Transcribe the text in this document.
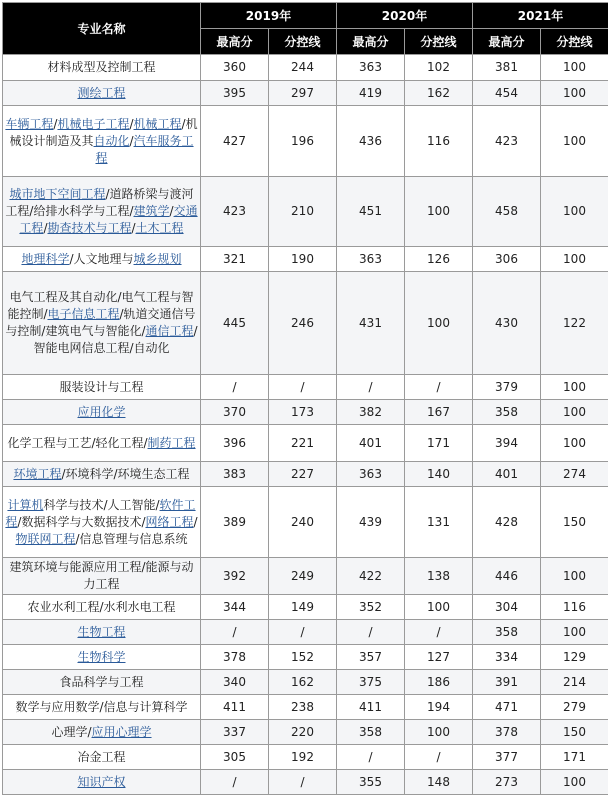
专业名称	2019年		2020年		2021年	
	最高分	分控线	最高分	分控线	最高分	分控线
材料成型及控制工程	360	244	363	102	381	100
测绘工程	395	297	419	162	454	100
车辆工程/机械电子工程/机械工程/机械设计制造及其自动化/汽车服务工程	427	196	436	116	423	100
城市地下空间工程/道路桥梁与渡河工程/给排水科学与工程/建筑学/交通工程/勘查技术与工程/土木工程	423	210	451	100	458	100
地理科学/人文地理与城乡规划	321	190	363	126	306	100
电气工程及其自动化/电气工程与智能控制/电子信息工程/轨道交通信号与控制/建筑电气与智能化/通信工程/智能电网信息工程/自动化	445	246	431	100	430	122
服装设计与工程	/	/	/	/	379	100
应用化学	370	173	382	167	358	100
化学工程与工艺/轻化工程/制药工程	396	221	401	171	394	100
环境工程/环境科学/环境生态工程	383	227	363	140	401	274
计算机科学与技术/人工智能/软件工程/数据科学与大数据技术/网络工程/物联网工程/信息管理与信息系统	389	240	439	131	428	150
建筑环境与能源应用工程/能源与动力工程	392	249	422	138	446	100
农业水利工程/水利水电工程	344	149	352	100	304	116
生物工程	/	/	/	/	358	100
生物科学	378	152	357	127	334	129
食品科学与工程	340	162	375	186	391	214
数学与应用数学/信息与计算科学	411	238	411	194	471	279
心理学/应用心理学	337	220	358	100	378	150
冶金工程	305	192	/	/	377	171
知识产权	/	/	355	148	273	100
